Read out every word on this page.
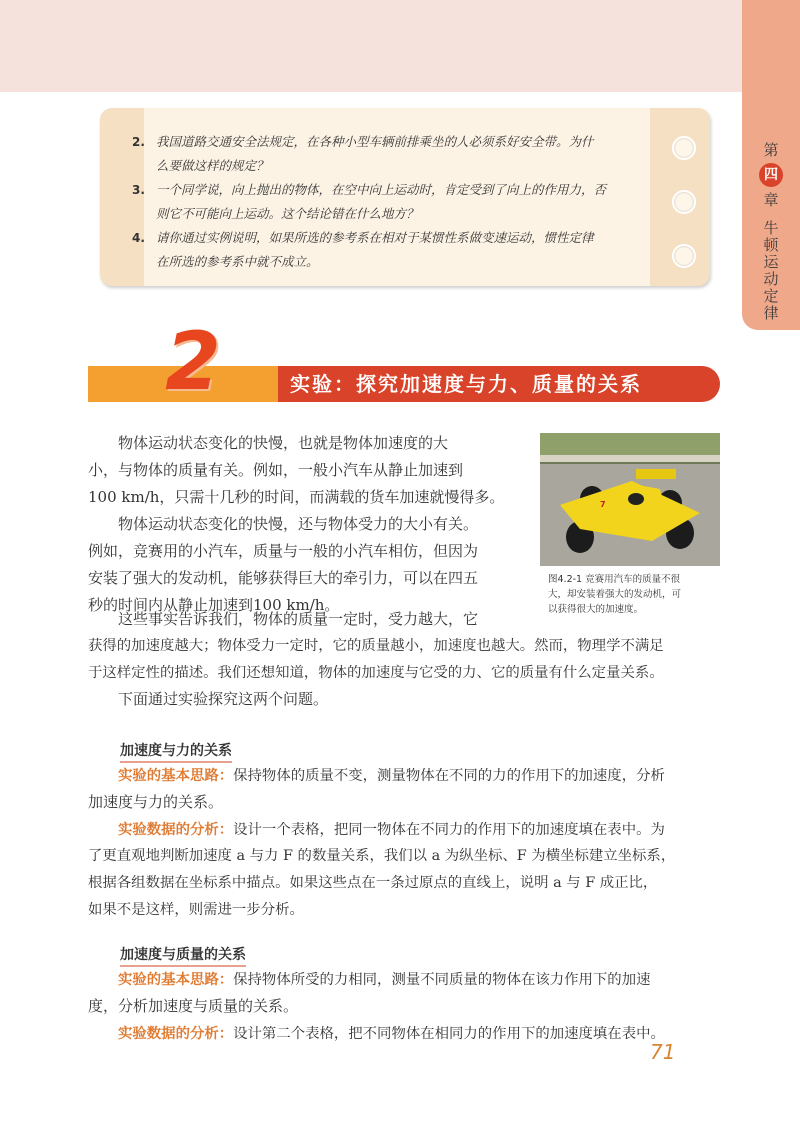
第
四
章
牛
顿
运
动
定
律
2. 我国道路交通安全法规定，在各种小型车辆前排乘坐的人必须系好安全带。为什
么要做这样的规定？
3. 一个同学说，向上抛出的物体，在空中向上运动时，肯定受到了向上的作用力，否
则它不可能向上运动。这个结论错在什么地方？
4. 请你通过实例说明，如果所选的参考系在相对于某惯性系做变速运动，惯性定律
在所选的参考系中就不成立。
2	实验：探究加速度与力、质量的关系
物体运动状态变化的快慢，也就是物体加速度的大
小，与物体的质量有关。例如，一般小汽车从静止加速到
100 km/h，只需十几秒的时间，而满载的货车加速就慢得多。
物体运动状态变化的快慢，还与物体受力的大小有关。
例如，竞赛用的小汽车，质量与一般的小汽车相仿，但因为
安装了强大的发动机，能够获得巨大的牵引力，可以在四五
秒的时间内从静止加速到100 km/h。
这些事实告诉我们，物体的质量一定时，受力越大，它
获得的加速度越大；物体受力一定时，它的质量越小，加速度也越大。然而，物理学不满足
于这样定性的描述。我们还想知道，物体的加速度与它受的力、它的质量有什么定量关系。
下面通过实验探究这两个问题。
7
图4.2-1 竞赛用汽车的质量不很
大，却安装着强大的发动机，可
以获得很大的加速度。
加速度与力的关系
实验的基本思路：保持物体的质量不变，测量物体在不同的力的作用下的加速度，分析
加速度与力的关系。
实验数据的分析：设计一个表格，把同一物体在不同力的作用下的加速度填在表中。为
了更直观地判断加速度 a 与力 F 的数量关系，我们以 a 为纵坐标、F 为横坐标建立坐标系，
根据各组数据在坐标系中描点。如果这些点在一条过原点的直线上，说明 a 与 F 成正比，
如果不是这样，则需进一步分析。
加速度与质量的关系
实验的基本思路：保持物体所受的力相同，测量不同质量的物体在该力作用下的加速
度，分析加速度与质量的关系。
实验数据的分析：设计第二个表格，把不同物体在相同力的作用下的加速度填在表中。
71
